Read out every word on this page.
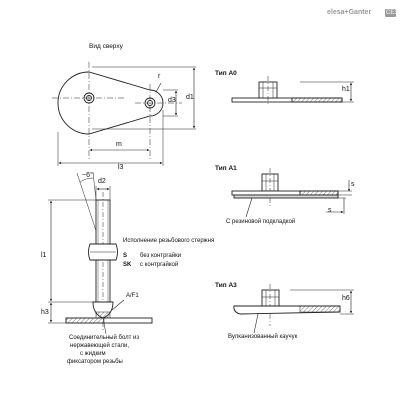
elesa+Ganter CE3
Вид сверху
r
d3 d1
m
l3
Тип A0
h1
Тип A1
s
s
С резиновой подкладкой
Тип A3
h6
Вулканизованный каучук
~6°
d2
l1
h3
A/F1
Соединительный болт из
нержавеющей стали,
с жидким
фиксатором резьбы
Исполнение резьбового стержня
S без контргайки
SK с контргайкой
